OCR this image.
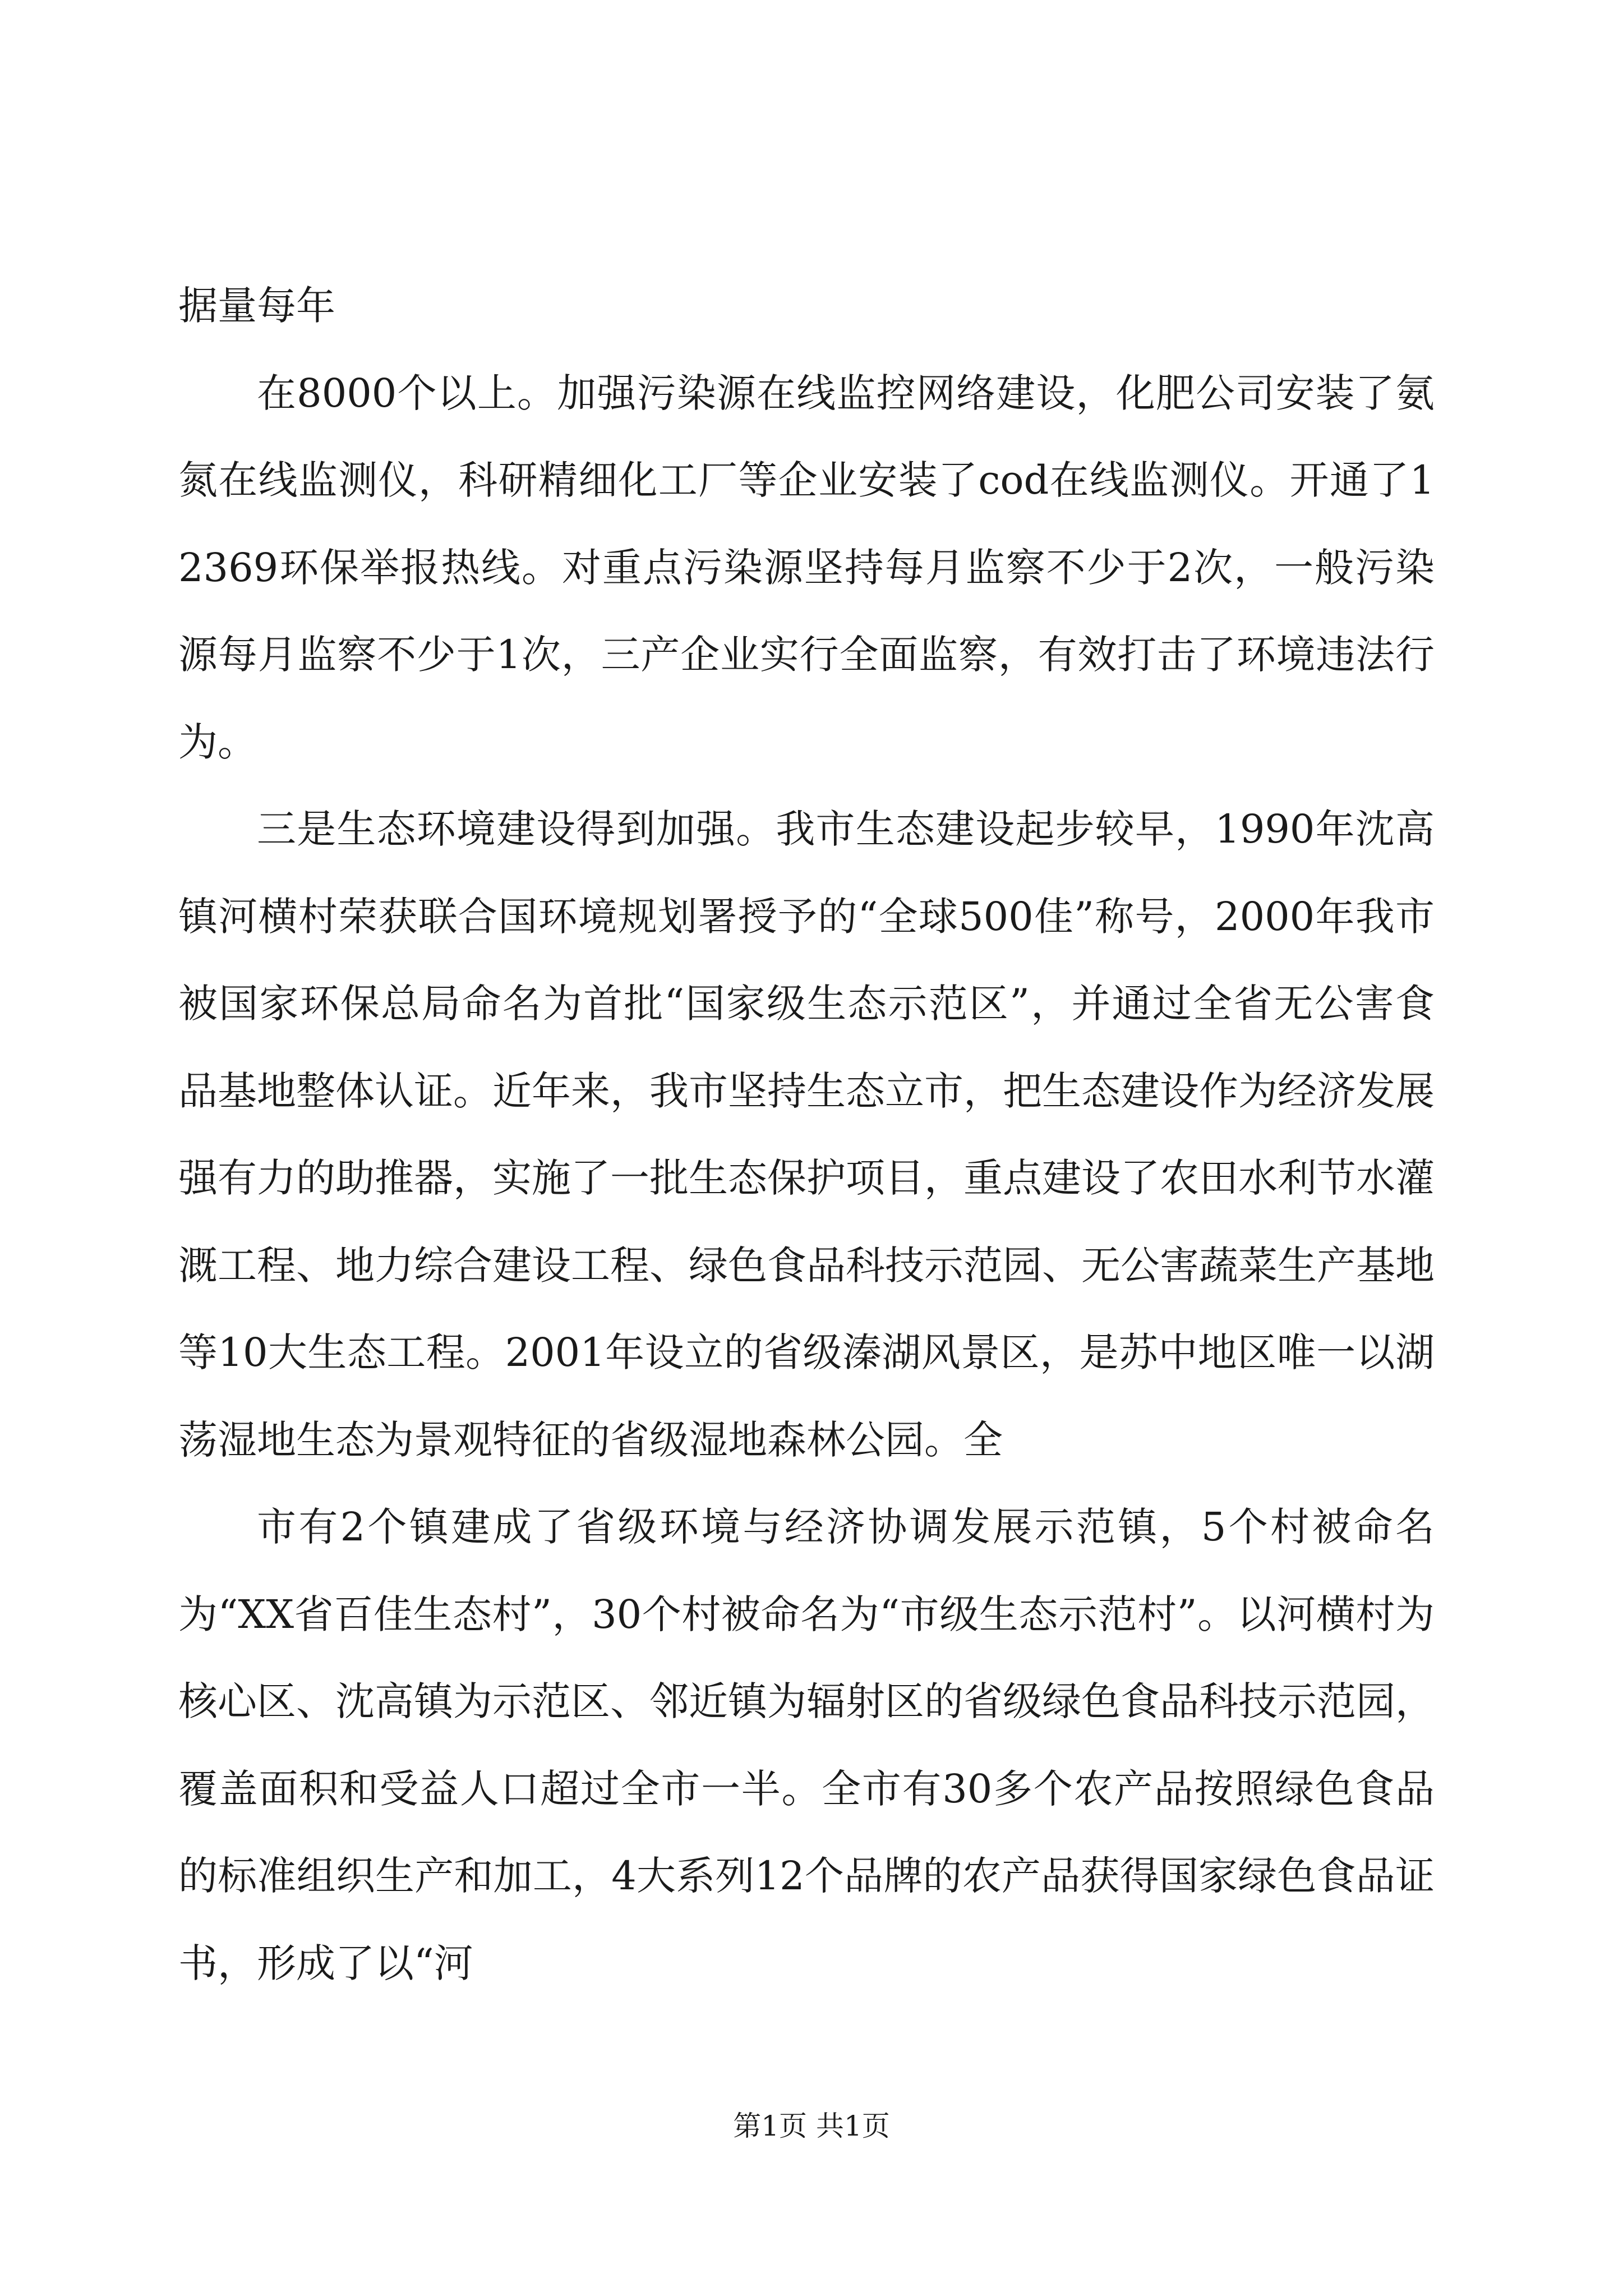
据量每年

在8000个以上。加强污染源在线监控网络建设，化肥公司安装了氨氮在线监测仪，科研精细化工厂等企业安装了cod在线监测仪。开通了12369环保举报热线。对重点污染源坚持每月监察不少于2次，一般污染源每月监察不少于1次，三产企业实行全面监察，有效打击了环境违法行为。

三是生态环境建设得到加强。我市生态建设起步较早，1990年沈高镇河横村荣获联合国环境规划署授予的“全球500佳”称号，2000年我市被国家环保总局命名为首批“国家级生态示范区”，并通过全省无公害食品基地整体认证。近年来，我市坚持生态立市，把生态建设作为经济发展强有力的助推器，实施了一批生态保护项目，重点建设了农田水利节水灌溉工程、地力综合建设工程、绿色食品科技示范园、无公害蔬菜生产基地等10大生态工程。2001年设立的省级溱湖风景区，是苏中地区唯一以湖荡湿地生态为景观特征的省级湿地森林公园。全

市有2个镇建成了省级环境与经济协调发展示范镇，5个村被命名为“XX省百佳生态村”，30个村被命名为“市级生态示范村”。以河横村为核心区、沈高镇为示范区、邻近镇为辐射区的省级绿色食品科技示范园，覆盖面积和受益人口超过全市一半。全市有30多个农产品按照绿色食品的标准组织生产和加工，4大系列12个品牌的农产品获得国家绿色食品证书，形成了以“河

第1页 共1页
